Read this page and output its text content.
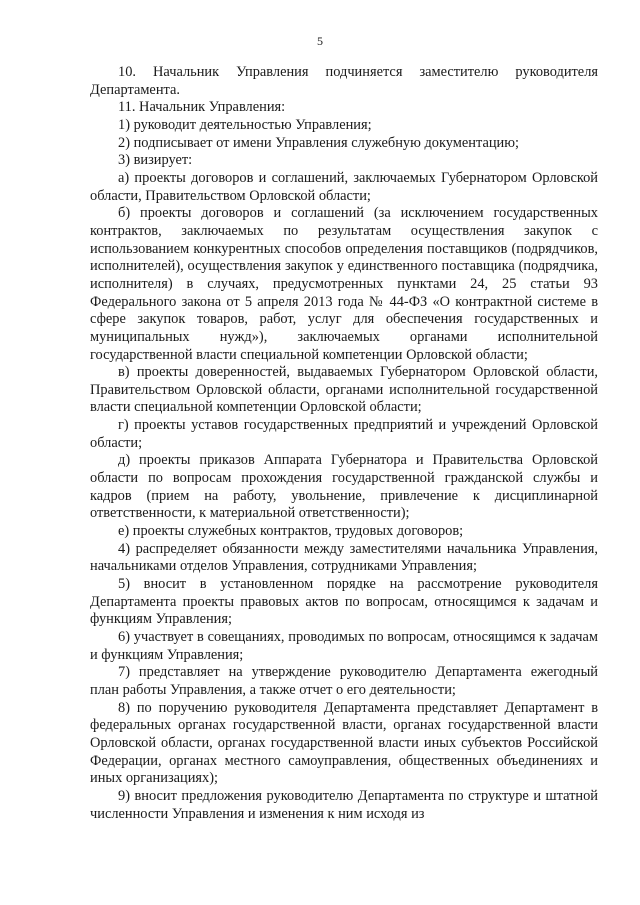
5

10. Начальник Управления подчиняется заместителю руководителя Департамента.

11. Начальник Управления:

1) руководит деятельностью Управления;

2) подписывает от имени Управления служебную документацию;

3) визирует:

а) проекты договоров и соглашений, заключаемых Губернатором Орловской области, Правительством Орловской области;

б) проекты договоров и соглашений (за исключением государственных контрактов, заключаемых по результатам осуществления закупок с использованием конкурентных способов определения поставщиков (подрядчиков, исполнителей), осуществления закупок у единственного поставщика (подрядчика, исполнителя) в случаях, предусмотренных пунктами 24, 25 статьи 93 Федерального закона от 5 апреля 2013 года № 44-ФЗ «О контрактной системе в сфере закупок товаров, работ, услуг для обеспечения государственных и муниципальных нужд»), заключаемых органами исполнительной государственной власти специальной компетенции Орловской области;

в) проекты доверенностей, выдаваемых Губернатором Орловской области, Правительством Орловской области, органами исполнительной государственной власти специальной компетенции Орловской области;

г) проекты уставов государственных предприятий и учреждений Орловской области;

д) проекты приказов Аппарата Губернатора и Правительства Орловской области по вопросам прохождения государственной гражданской службы и кадров (прием на работу, увольнение, привлечение к дисциплинарной ответственности, к материальной ответственности);

е) проекты служебных контрактов, трудовых договоров;

4) распределяет обязанности между заместителями начальника Управления, начальниками отделов Управления, сотрудниками Управления;

5) вносит в установленном порядке на рассмотрение руководителя Департамента проекты правовых актов по вопросам, относящимся к задачам и функциям Управления;

6) участвует в совещаниях, проводимых по вопросам, относящимся к задачам и функциям Управления;

7) представляет на утверждение руководителю Департамента ежегодный план работы Управления, а также отчет о его деятельности;

8) по поручению руководителя Департамента представляет Департамент в федеральных органах государственной власти, органах государственной власти Орловской области, органах государственной власти иных субъектов Российской Федерации, органах местного самоуправления, общественных объединениях и иных организациях);

9) вносит предложения руководителю Департамента по структуре и штатной численности Управления и изменения к ним исходя из
